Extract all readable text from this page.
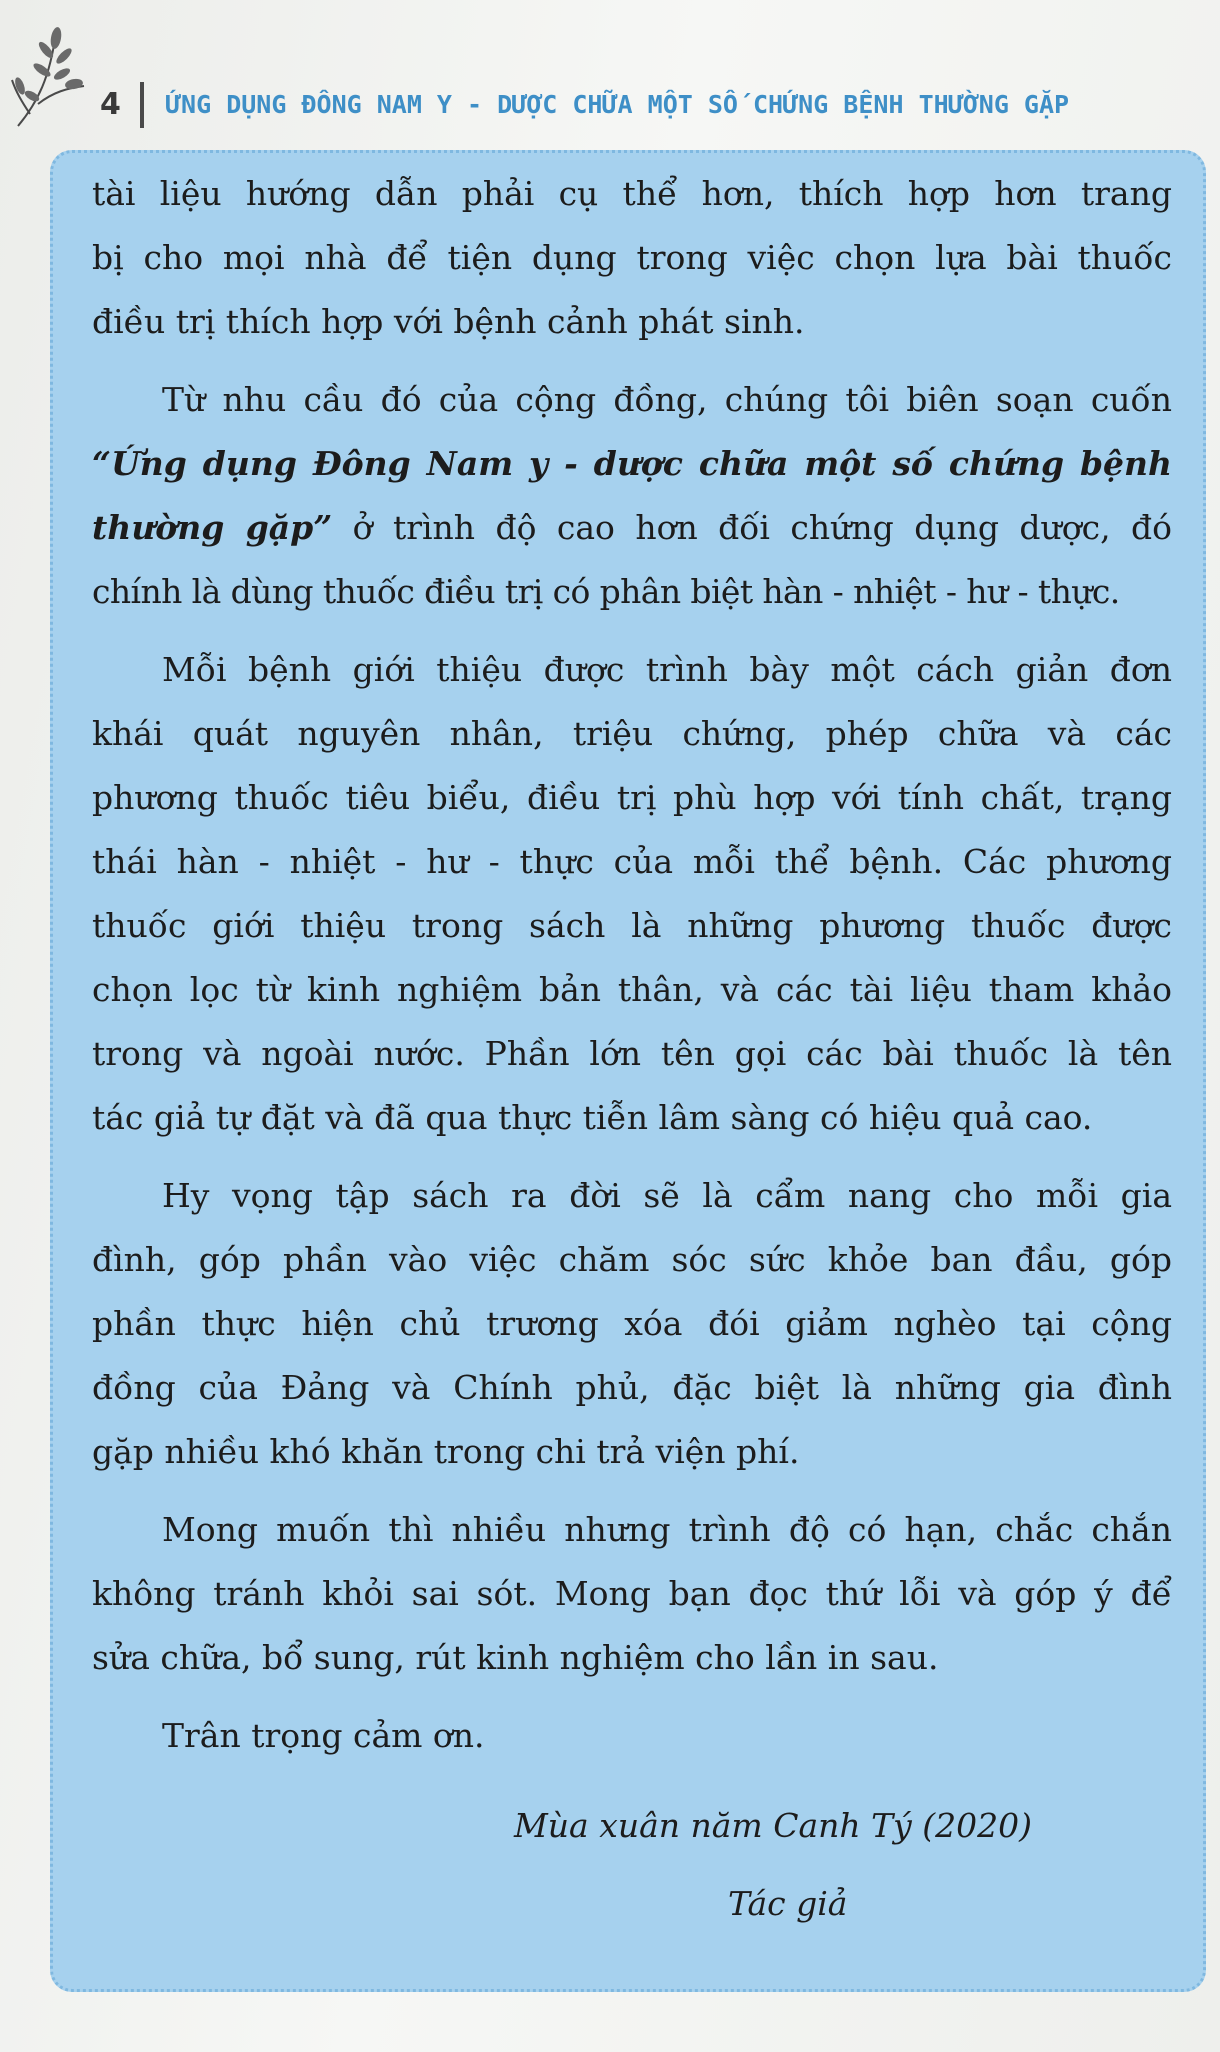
4 ỨNG DỤNG ĐÔNG NAM Y - DƯỢC CHỮA MỘT SỐ CHỨNG BỆNH THƯỜNG GẶP
tài liệu hướng dẫn phải cụ thể hơn, thích hợp hơn trang
bị cho mọi nhà để tiện dụng trong việc chọn lựa bài thuốc
điều trị thích hợp với bệnh cảnh phát sinh.
Từ nhu cầu đó của cộng đồng, chúng tôi biên soạn cuốn
“Ứng dụng Đông Nam y - dược chữa một số chứng bệnh
thường gặp” ở trình độ cao hơn đối chứng dụng dược, đó
chính là dùng thuốc điều trị có phân biệt hàn - nhiệt - hư - thực.
Mỗi bệnh giới thiệu được trình bày một cách giản đơn
khái quát nguyên nhân, triệu chứng, phép chữa và các
phương thuốc tiêu biểu, điều trị phù hợp với tính chất, trạng
thái hàn - nhiệt - hư - thực của mỗi thể bệnh. Các phương
thuốc giới thiệu trong sách là những phương thuốc được
chọn lọc từ kinh nghiệm bản thân, và các tài liệu tham khảo
trong và ngoài nước. Phần lớn tên gọi các bài thuốc là tên
tác giả tự đặt và đã qua thực tiễn lâm sàng có hiệu quả cao.
Hy vọng tập sách ra đời sẽ là cẩm nang cho mỗi gia
đình, góp phần vào việc chăm sóc sức khỏe ban đầu, góp
phần thực hiện chủ trương xóa đói giảm nghèo tại cộng
đồng của Đảng và Chính phủ, đặc biệt là những gia đình
gặp nhiều khó khăn trong chi trả viện phí.
Mong muốn thì nhiều nhưng trình độ có hạn, chắc chắn
không tránh khỏi sai sót. Mong bạn đọc thứ lỗi và góp ý để
sửa chữa, bổ sung, rút kinh nghiệm cho lần in sau.
Trân trọng cảm ơn.
Mùa xuân năm Canh Tý (2020)
Tác giả
